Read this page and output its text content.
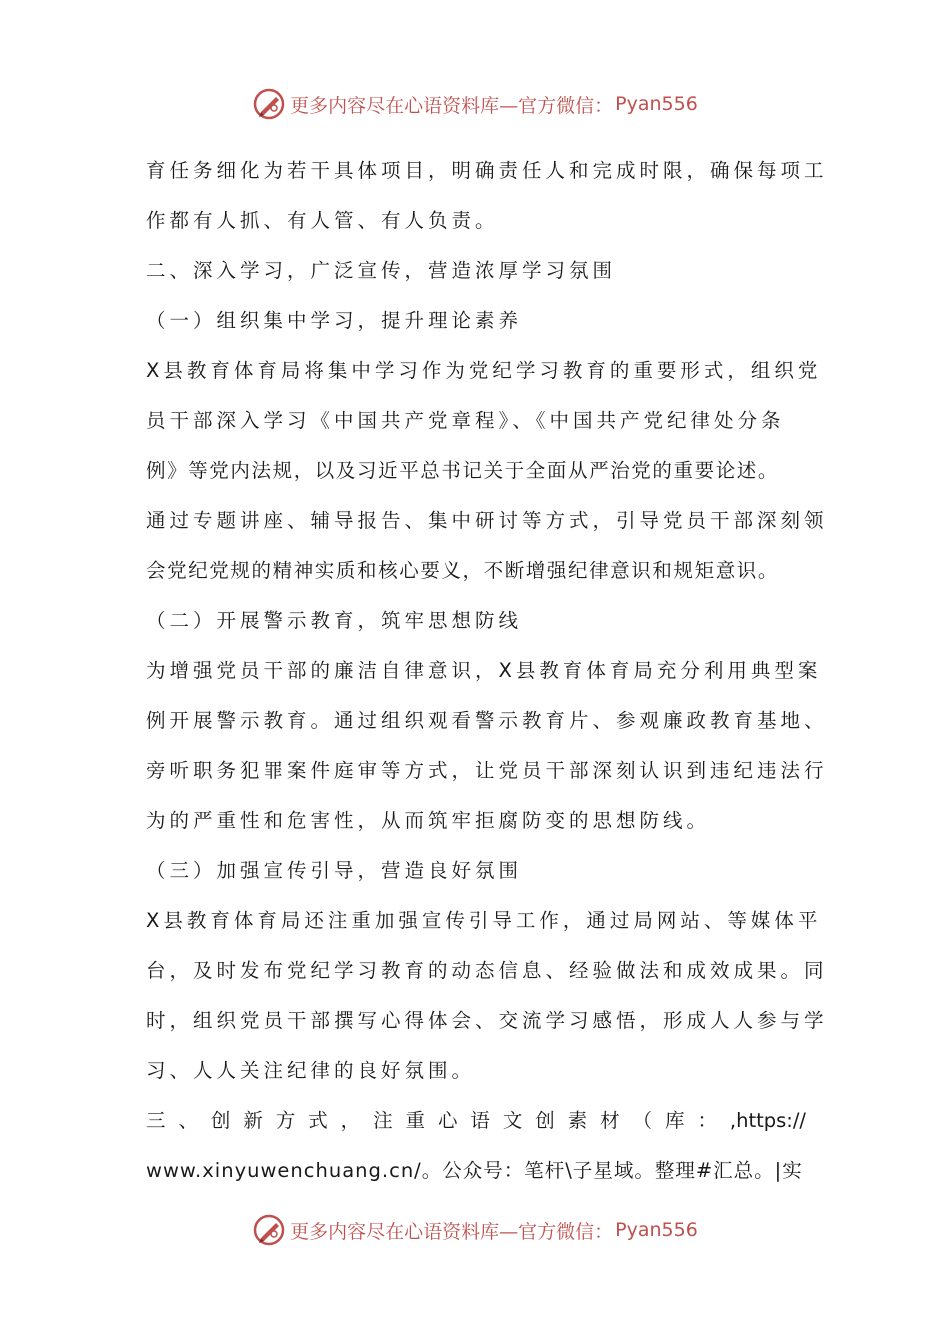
更多内容尽在心语资料库—官方微信： Pyan556
育任务细化为若干具体项目，明确责任人和完成时限，确保每项工
作都有人抓、有人管、有人负责。
二、深入学习，广泛宣传，营造浓厚学习氛围
（一）组织集中学习，提升理论素养
X县教育体育局将集中学习作为党纪学习教育的重要形式，组织党
员干部深入学习《中国共产党章程》、《中国共产党纪律处分条
例》等党内法规，以及习近平总书记关于全面从严治党的重要论述。
通过专题讲座、辅导报告、集中研讨等方式，引导党员干部深刻领
会党纪党规的精神实质和核心要义，不断增强纪律意识和规矩意识。
（二）开展警示教育，筑牢思想防线
为增强党员干部的廉洁自律意识，X县教育体育局充分利用典型案
例开展警示教育。通过组织观看警示教育片、参观廉政教育基地、
旁听职务犯罪案件庭审等方式，让党员干部深刻认识到违纪违法行
为的严重性和危害性，从而筑牢拒腐防变的思想防线。
（三）加强宣传引导，营造良好氛围
X县教育体育局还注重加强宣传引导工作，通过局网站、等媒体平
台，及时发布党纪学习教育的动态信息、经验做法和成效成果。同
时，组织党员干部撰写心得体会、交流学习感悟，形成人人参与学
习、人人关注纪律的良好氛围。
三、创新方式，注重心语文创素材（库：,https://
www.xinyuwenchuang.cn/。公众号：笔杆\子星域。整理#汇总。|实
更多内容尽在心语资料库—官方微信： Pyan556
